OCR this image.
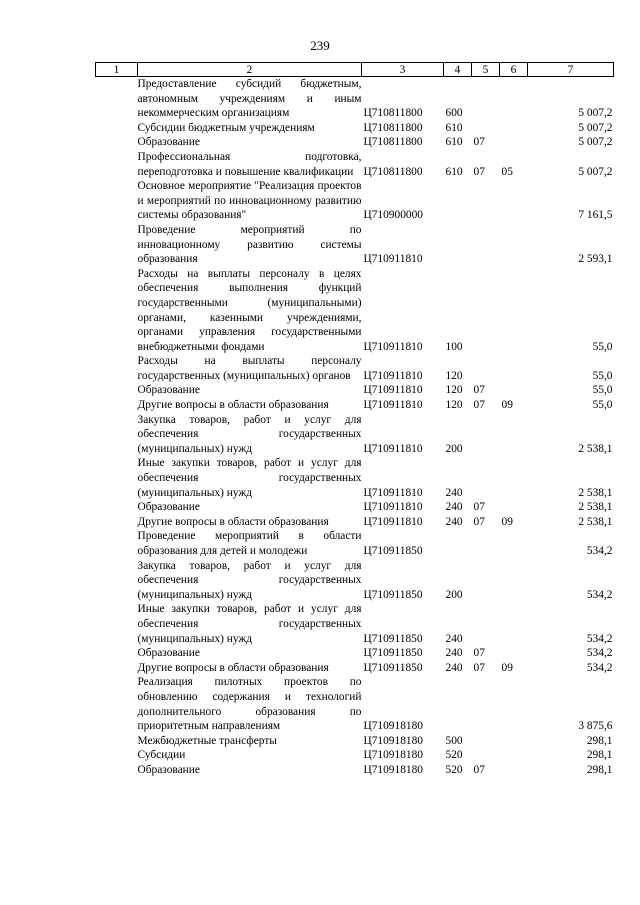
239
1	2	3	4	5	6	7
	Предоставление субсидий бюджетным, автономным учреждениям и иным некоммерческим организациям	Ц710811800	600			5 007,2
	Субсидии бюджетным учреждениям	Ц710811800	610			5 007,2
	Образование	Ц710811800	610	07		5 007,2
	Профессиональная подготовка, переподготовка и повышение квалификации	Ц710811800	610	07	05	5 007,2
	Основное мероприятие "Реализация проектов и мероприятий по инновационному развитию системы образования"	Ц710900000				7 161,5
	Проведение мероприятий по инновационному развитию системы образования	Ц710911810				2 593,1
	Расходы на выплаты персоналу в целях обеспечения выполнения функций государственными (муниципальными) органами, казенными учреждениями, органами управления государственными внебюджетными фондами	Ц710911810	100			55,0
	Расходы на выплаты персоналу государственных (муниципальных) органов	Ц710911810	120			55,0
	Образование	Ц710911810	120	07		55,0
	Другие вопросы в области образования	Ц710911810	120	07	09	55,0
	Закупка товаров, работ и услуг для обеспечения государственных (муниципальных) нужд	Ц710911810	200			2 538,1
	Иные закупки товаров, работ и услуг для обеспечения государственных (муниципальных) нужд	Ц710911810	240			2 538,1
	Образование	Ц710911810	240	07		2 538,1
	Другие вопросы в области образования	Ц710911810	240	07	09	2 538,1
	Проведение мероприятий в области образования для детей и молодежи	Ц710911850				534,2
	Закупка товаров, работ и услуг для обеспечения государственных (муниципальных) нужд	Ц710911850	200			534,2
	Иные закупки товаров, работ и услуг для обеспечения государственных (муниципальных) нужд	Ц710911850	240			534,2
	Образование	Ц710911850	240	07		534,2
	Другие вопросы в области образования	Ц710911850	240	07	09	534,2
	Реализация пилотных проектов по обновлению содержания и технологий дополнительного образования по приоритетным направлениям	Ц710918180				3 875,6
	Межбюджетные трансферты	Ц710918180	500			298,1
	Субсидии	Ц710918180	520			298,1
	Образование	Ц710918180	520	07		298,1
